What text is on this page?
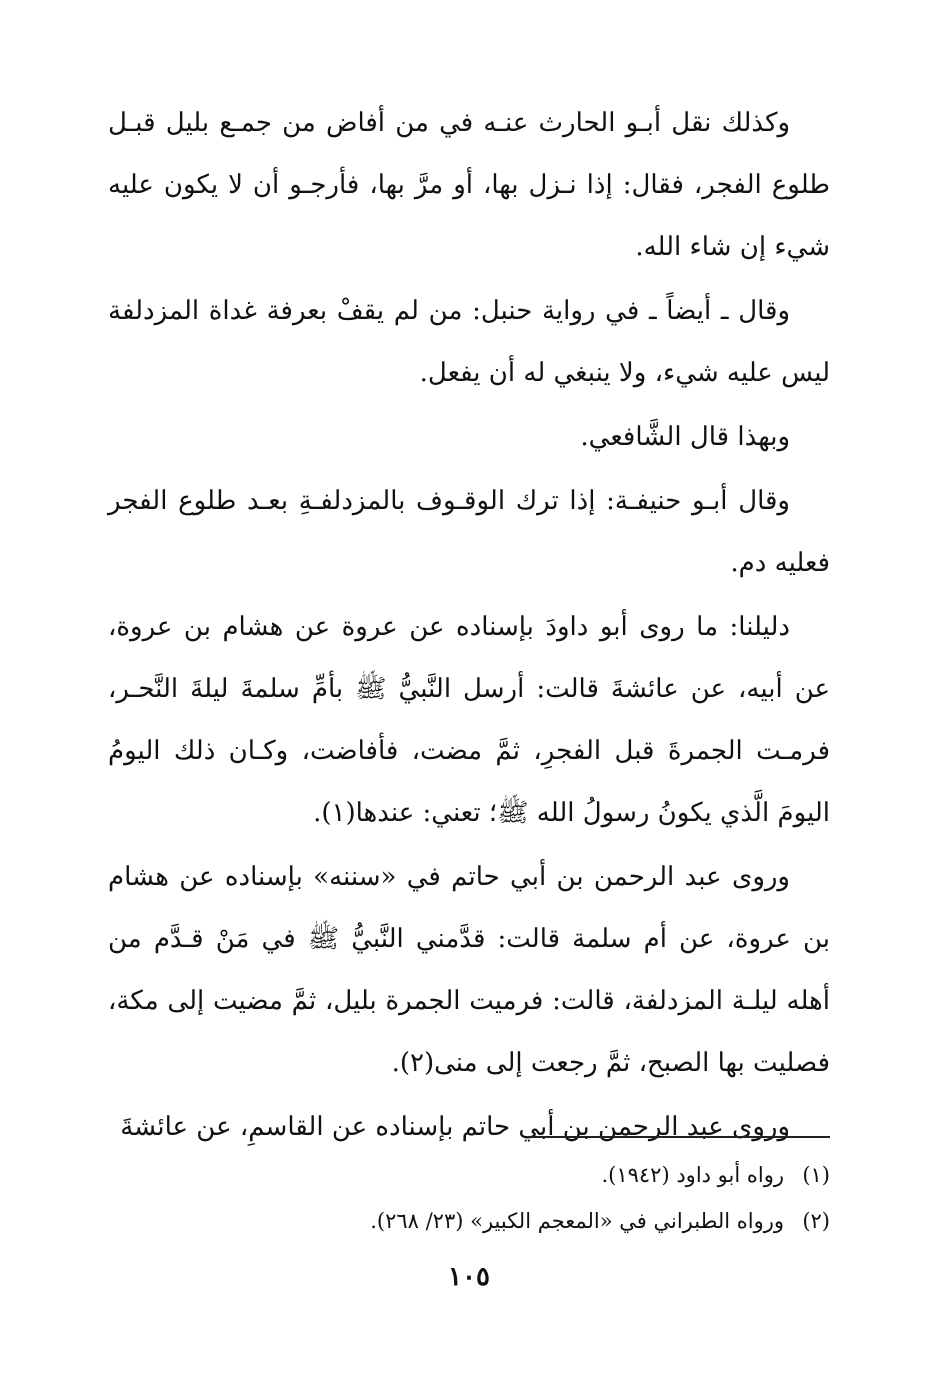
وكذلك نقل أبـو الحارث عنـه في من أفاض من جمـع بليل قبـل طلوع الفجر، فقال: إذا نـزل بها، أو مرَّ بها، فأرجـو أن لا يكون عليه شيء إن شاء الله.

وقال ـ أيضاً ـ في رواية حنبل: من لم يقفْ بعرفة غداة المزدلفة ليس عليه شيء، ولا ينبغي له أن يفعل.

وبهذا قال الشَّافعي.

وقال أبـو حنيفـة: إذا ترك الوقـوف بالمزدلفـةِ بعـد طلوع الفجر فعليه دم.

دليلنا: ما روى أبو داودَ بإسناده عن عروة عن هشام بن عروة، عن أبيه، عن عائشةَ قالت: أرسل النَّبيُّ ﷺ بأمِّ سلمةَ ليلةَ النَّحـر، فرمـت الجمرةَ قبل الفجرِ، ثمَّ مضت، فأفاضت، وكـان ذلك اليومُ اليومَ الَّذي يكونُ رسولُ الله ﷺ؛ تعني: عندها(١).

وروى عبد الرحمن بن أبي حاتم في «سننه» بإسناده عن هشام بن عروة، عن أم سلمة قالت: قدَّمني النَّبيُّ ﷺ في مَنْ قـدَّم من أهله ليلـة المزدلفة، قالت: فرميت الجمرة بليل، ثمَّ مضيت إلى مكة، فصليت بها الصبح، ثمَّ رجعت إلى منى(٢).

وروى عبد الرحمن بن أبي حاتم بإسناده عن القاسمِ، عن عائشةَ

(١)
رواه أبو داود (١٩٤٢).

(٢)
ورواه الطبراني في «المعجم الكبير» (٢٣/ ٢٦٨).

١٠٥
